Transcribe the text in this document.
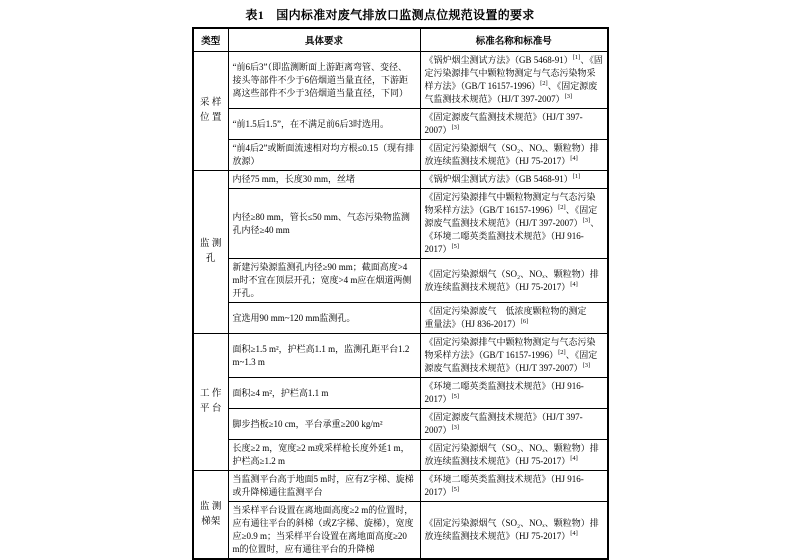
表1　国内标准对废气排放口监测点位规范设置的要求
类型	具体要求	标准名称和标准号

采 样
位 置	“前6后3”（即监测断面上游距离弯管、变径、接头等部件不少于6倍烟道当量直径，下游距离这些部件不少于3倍烟道当量直径，下同）	《锅炉烟尘测试方法》（GB 5468-91）[1]、《固定污染源排气中颗粒物测定与气态污染物采样方法》（GB/T 16157-1996）[2]、《固定源废气监测技术规范》（HJ/T 397-2007）[3]
	“前1.5后1.5”，在不满足前6后3时选用。	《固定源废气监测技术规范》（HJ/T 397-2007）[3]
	“前4后2”或断面流速相对均方根≤0.15（现有排放源）	《固定污染源烟气（SO₂、NOₓ、颗粒物）排放连续监测技术规范》（HJ 75-2017）[4]

监 测
孔	内径75 mm，长度30 mm，丝堵	《锅炉烟尘测试方法》（GB 5468-91）[1]
	内径≥80 mm，管长≤50 mm、气态污染物监测孔内径≥40 mm	《固定污染源排气中颗粒物测定与气态污染物采样方法》（GB/T 16157-1996）[2]、《固定源废气监测技术规范》（HJ/T 397-2007）[3]、《环境二噁英类监测技术规范》（HJ 916-2017）[5]
	新建污染源监测孔内径≥90 mm；截面高度>4 m时不宜在顶层开孔；宽度>4 m应在烟道两侧开孔。	《固定污染源烟气（SO₂、NOₓ、颗粒物）排放连续监测技术规范》（HJ 75-2017）[4]
	宜选用90 mm~120 mm监测孔。	《固定污染源废气　低浓度颗粒物的测定　重量法》（HJ 836-2017）[6]

工 作
平 台	面积≥1.5 m²，护栏高1.1 m，监测孔距平台1.2 m~1.3 m	《固定污染源排气中颗粒物测定与气态污染物采样方法》（GB/T 16157-1996）[2]、《固定源废气监测技术规范》（HJ/T 397-2007）[3]
	面积≥4 m²，护栏高1.1 m	《环境二噁英类监测技术规范》（HJ 916-2017）[5]
	脚步挡板≥10 cm，平台承重≥200 kg/m²	《固定源废气监测技术规范》（HJ/T 397-2007）[3]
	长度≥2 m，宽度≥2 m或采样枪长度外延1 m，护栏高≥1.2 m	《固定污染源烟气（SO₂、NOₓ、颗粒物）排放连续监测技术规范》（HJ 75-2017）[4]

监 测
梯架	当监测平台高于地面5 m时，应有Z字梯、旋梯或升降梯通往监测平台	《环境二噁英类监测技术规范》（HJ 916-2017）[5]
	当采样平台设置在离地面高度≥2 m的位置时，应有通往平台的斜梯（或Z字梯、旋梯），宽度应≥0.9 m；当采样平台设置在离地面高度≥20 m的位置时，应有通往平台的升降梯	《固定污染源烟气（SO₂、NOₓ、颗粒物）排放连续监测技术规范》（HJ 75-2017）[4]
